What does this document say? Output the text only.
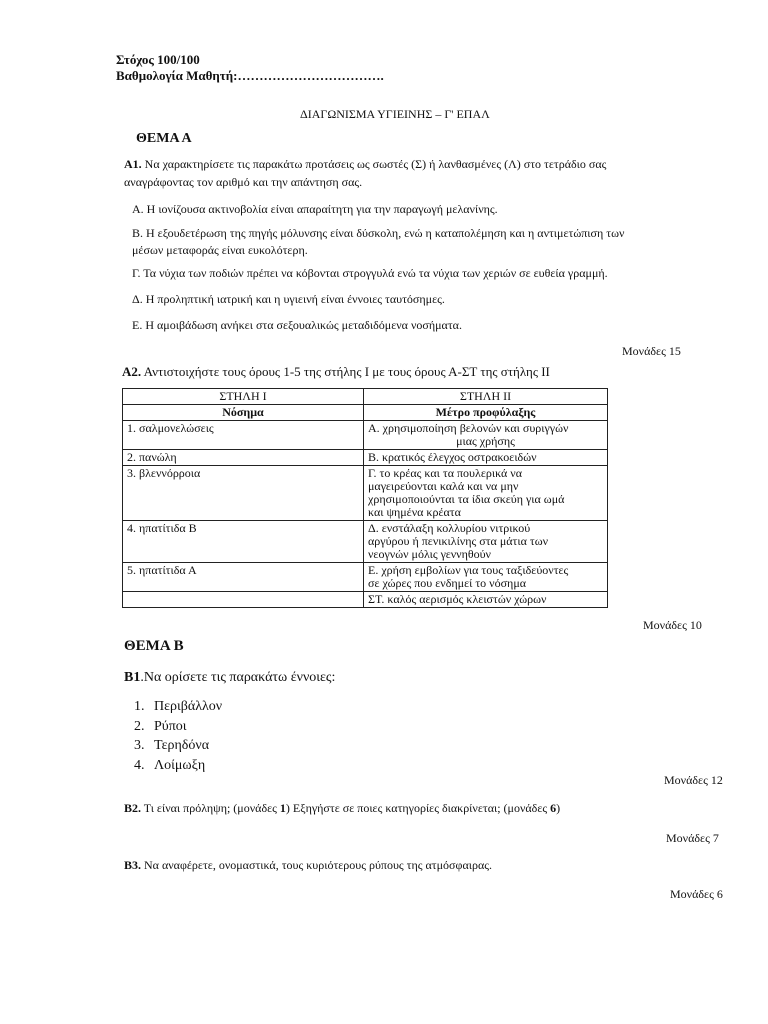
Στόχος 100/100
Βαθμολογία Μαθητή:…………………………….
ΔΙΑΓΩΝΙΣΜΑ ΥΓΙΕΙΝΗΣ – Γ' ΕΠΑΛ
ΘΕΜΑ Α
Α1. Να χαρακτηρίσετε τις παρακάτω προτάσεις ως σωστές (Σ) ή λανθασμένες (Λ) στο τετράδιο σας
αναγράφοντας τον αριθμό και την απάντηση σας.
Α. Η ιονίζουσα ακτινοβολία είναι απαραίτητη για την παραγωγή μελανίνης.
Β. Η εξουδετέρωση της πηγής μόλυνσης είναι δύσκολη, ενώ η καταπολέμηση και η αντιμετώπιση των
μέσων μεταφοράς είναι ευκολότερη.
Γ. Τα νύχια των ποδιών πρέπει να κόβονται στρογγυλά ενώ τα νύχια των χεριών σε ευθεία γραμμή.
Δ. Η προληπτική ιατρική και η υγιεινή είναι έννοιες ταυτόσημες.
Ε. Η αμοιβάδωση ανήκει στα σεξουαλικώς μεταδιδόμενα νοσήματα.
Μονάδες 15
Α2. Αντιστοιχήστε τους όρους 1-5 της στήλης Ι με τους όρους Α-ΣΤ της στήλης ΙΙ
ΣΤΗΛΗ Ι	ΣΤΗΛΗ ΙΙ
Νόσημα	Μέτρο προφύλαξης
1. σαλμονελώσεις	Α. χρησιμοποίηση βελονών και συριγγών
μιας χρήσης

2. πανώλη	Β. κρατικός έλεγχος οστρακοειδών
3. βλεννόρροια	Γ. το κρέας και τα πουλερικά να
μαγειρεύονται καλά και να μην
χρησιμοποιούνται τα ίδια σκεύη για ωμά
και ψημένα κρέατα

4. ηπατίτιδα Β	Δ. ενστάλαξη κολλυρίου νιτρικού
αργύρου ή πενικιλίνης στα μάτια των
νεογνών μόλις γεννηθούν

5. ηπατίτιδα Α	Ε. χρήση εμβολίων για τους ταξιδεύοντες
σε χώρες που ενδημεί το νόσημα

	ΣΤ. καλός αερισμός κλειστών χώρων
Μονάδες 10
ΘΕΜΑ Β
Β1.Να ορίσετε τις παρακάτω έννοιες:
1. Περιβάλλον
2. Ρύποι
3. Τερηδόνα
4. Λοίμωξη
Μονάδες 12
Β2. Τι είναι πρόληψη; (μονάδες 1) Εξηγήστε σε ποιες κατηγορίες διακρίνεται; (μονάδες 6)
Μονάδες 7
Β3. Να αναφέρετε, ονομαστικά, τους κυριότερους ρύπους της ατμόσφαιρας.
Μονάδες 6
